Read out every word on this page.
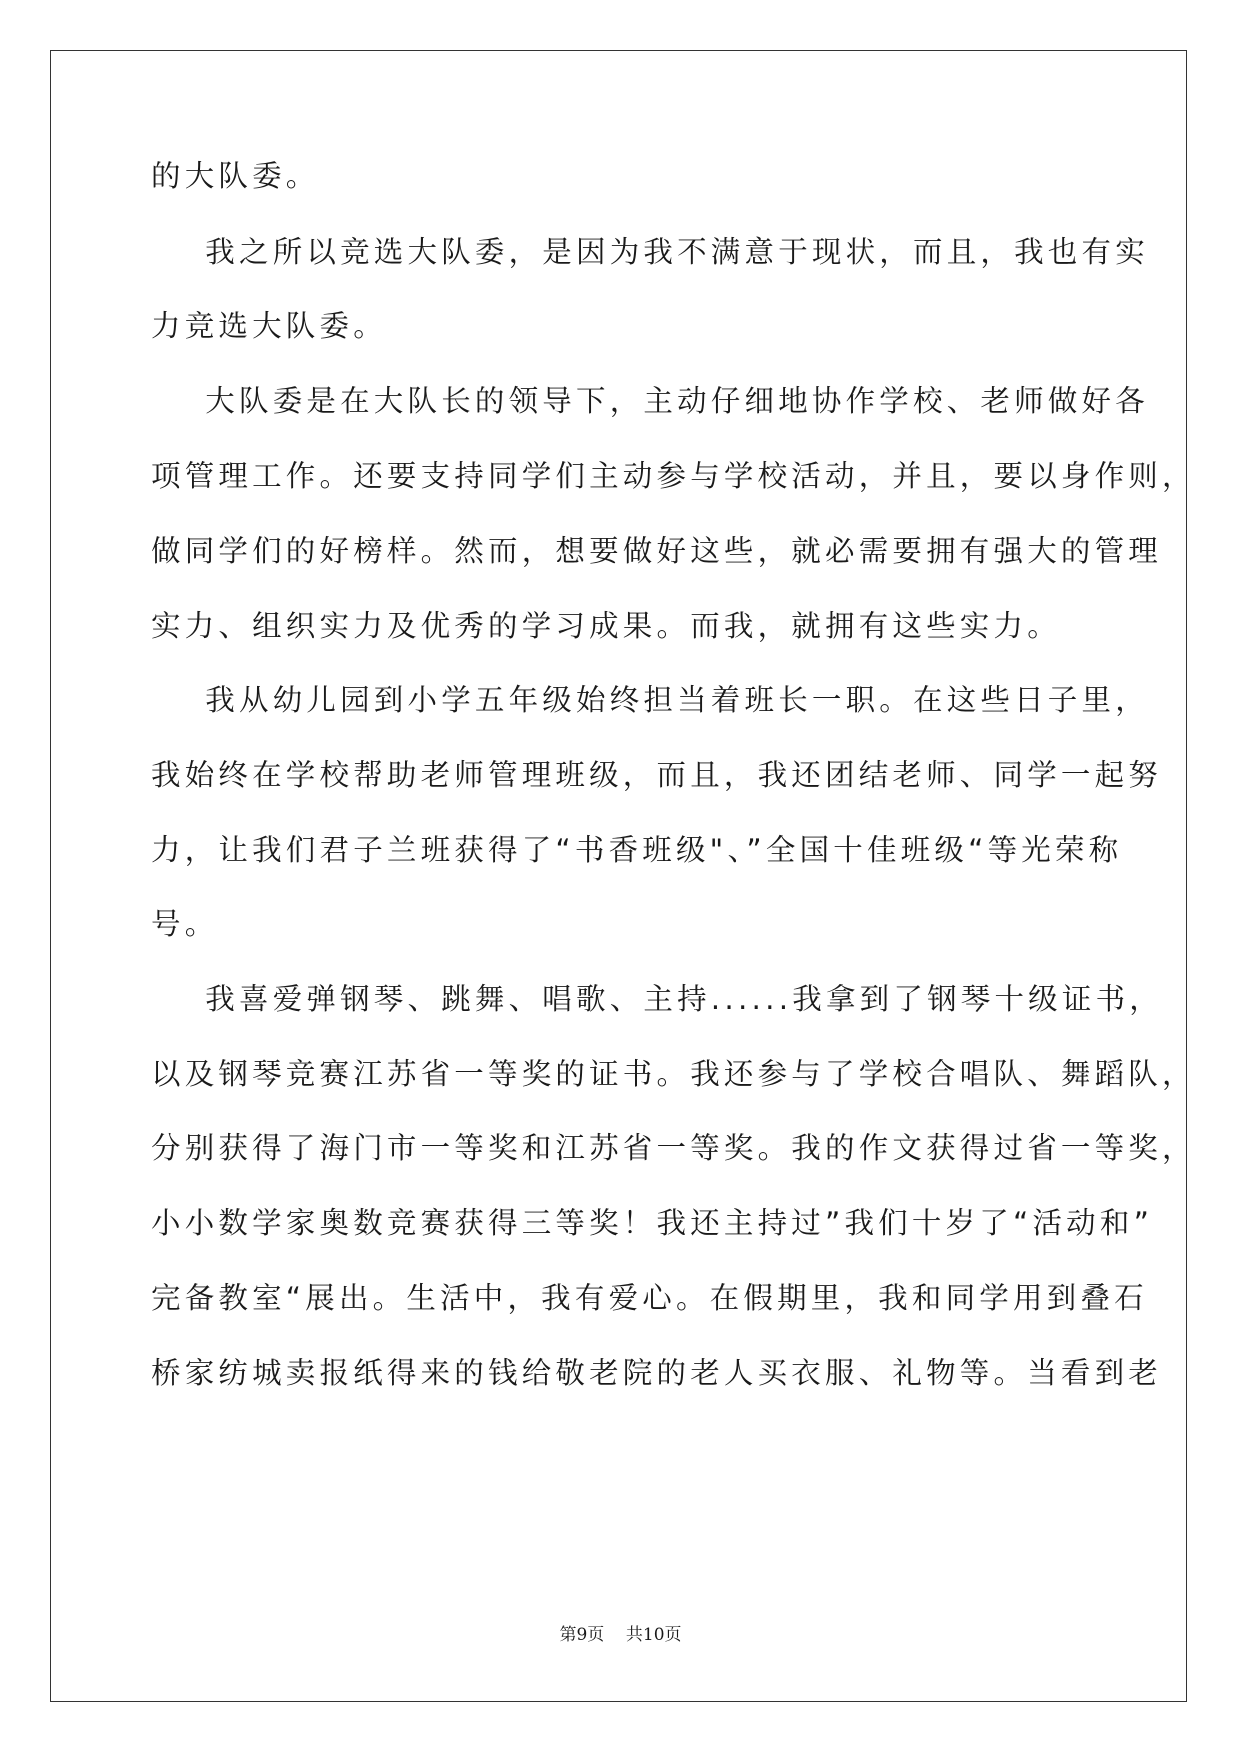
的大队委。
我之所以竞选大队委，是因为我不满意于现状，而且，我也有实
力竞选大队委。
大队委是在大队长的领导下，主动仔细地协作学校、老师做好各
项管理工作。还要支持同学们主动参与学校活动，并且，要以身作则，
做同学们的好榜样。然而，想要做好这些，就必需要拥有强大的管理
实力、组织实力及优秀的学习成果。而我，就拥有这些实力。
我从幼儿园到小学五年级始终担当着班长一职。在这些日子里，
我始终在学校帮助老师管理班级，而且，我还团结老师、同学一起努
力，让我们君子兰班获得了“书香班级"、”全国十佳班级“等光荣称
号。
我喜爱弹钢琴、跳舞、唱歌、主持......我拿到了钢琴十级证书，
以及钢琴竞赛江苏省一等奖的证书。我还参与了学校合唱队、舞蹈队，
分别获得了海门市一等奖和江苏省一等奖。我的作文获得过省一等奖，
小小数学家奥数竞赛获得三等奖！我还主持过”我们十岁了“活动和”
完备教室“展出。生活中，我有爱心。在假期里，我和同学用到叠石
桥家纺城卖报纸得来的钱给敬老院的老人买衣服、礼物等。当看到老
第9页    共10页
